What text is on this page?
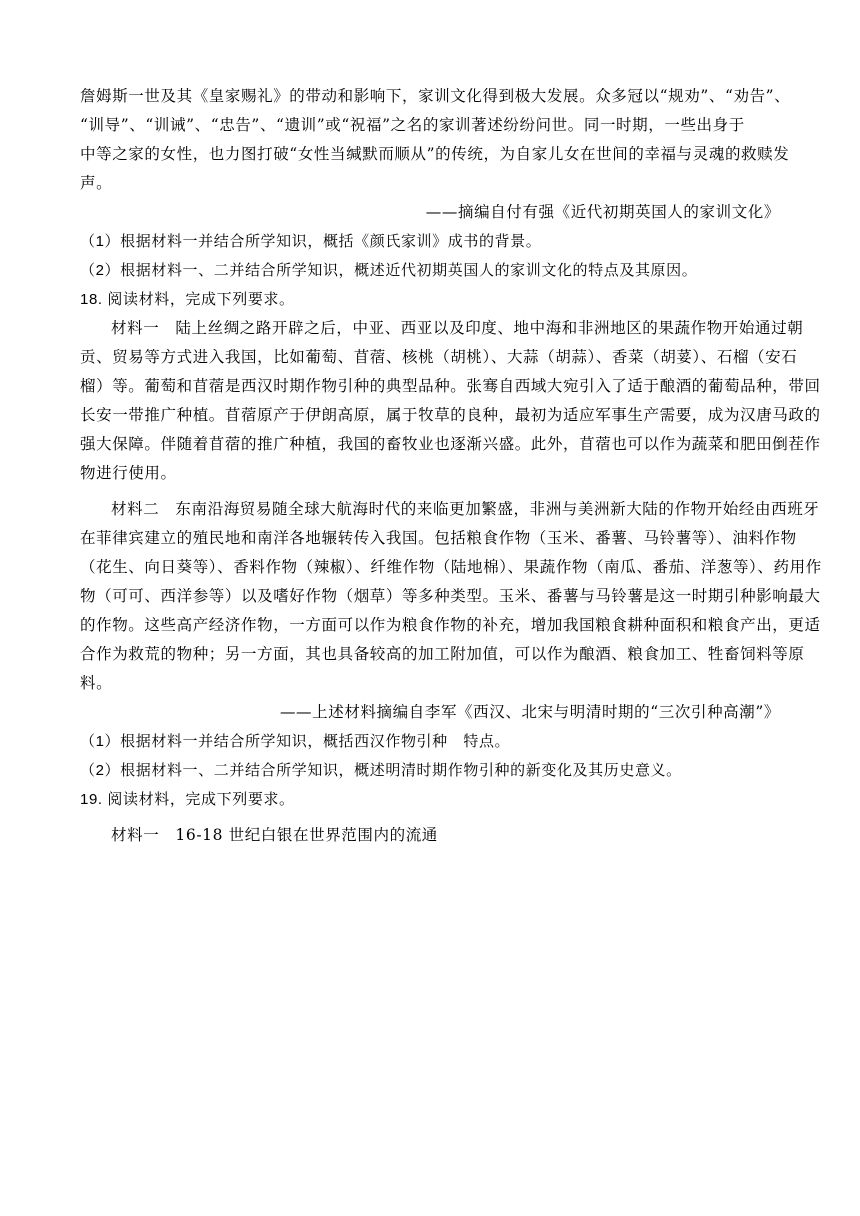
詹姆斯一世及其《皇家赐礼》的带动和影响下，家训文化得到极大发展。众多冠以“规劝”、“劝告”、
“训导”、“训诫”、“忠告”、“遗训”或“祝福”之名的家训著述纷纷问世。同一时期，一些出身于
中等之家的女性，也力图打破“女性当缄默而顺从”的传统，为自家儿女在世间的幸福与灵魂的救赎发
声。
——摘编自付有强《近代初期英国人的家训文化》
（1）根据材料一并结合所学知识，概括《颜氏家训》成书的背景。
（2）根据材料一、二并结合所学知识，概述近代初期英国人的家训文化的特点及其原因。
18. 阅读材料，完成下列要求。
材料一　陆上丝绸之路开辟之后，中亚、西亚以及印度、地中海和非洲地区的果蔬作物开始通过朝
贡、贸易等方式进入我国，比如葡萄、苜蓿、核桃（胡桃）、大蒜（胡蒜）、香菜（胡荽）、石榴（安石
榴）等。葡萄和苜蓿是西汉时期作物引种的典型品种。张骞自西域大宛引入了适于酿酒的葡萄品种，带回
长安一带推广种植。苜蓿原产于伊朗高原，属于牧草的良种，最初为适应军事生产需要，成为汉唐马政的
强大保障。伴随着苜蓿的推广种植，我国的畜牧业也逐渐兴盛。此外，苜蓿也可以作为蔬菜和肥田倒茬作
物进行使用。
材料二　东南沿海贸易随全球大航海时代的来临更加繁盛，非洲与美洲新大陆的作物开始经由西班牙
在菲律宾建立的殖民地和南洋各地辗转传入我国。包括粮食作物（玉米、番薯、马铃薯等）、油料作物
（花生、向日葵等）、香料作物（辣椒）、纤维作物（陆地棉）、果蔬作物（南瓜、番茄、洋葱等）、药用作
物（可可、西洋参等）以及嗜好作物（烟草）等多种类型。玉米、番薯与马铃薯是这一时期引种影响最大
的作物。这些高产经济作物，一方面可以作为粮食作物的补充，增加我国粮食耕种面积和粮食产出，更适
合作为救荒的物种；另一方面，其也具备较高的加工附加值，可以作为酿酒、粮食加工、牲畜饲料等原
料。
——上述材料摘编自李军《西汉、北宋与明清时期的“三次引种高潮”》
（1）根据材料一并结合所学知识，概括西汉作物引种　特点。
（2）根据材料一、二并结合所学知识，概述明清时期作物引种的新变化及其历史意义。
19. 阅读材料，完成下列要求。
材料一　16-18 世纪白银在世界范围内的流通
